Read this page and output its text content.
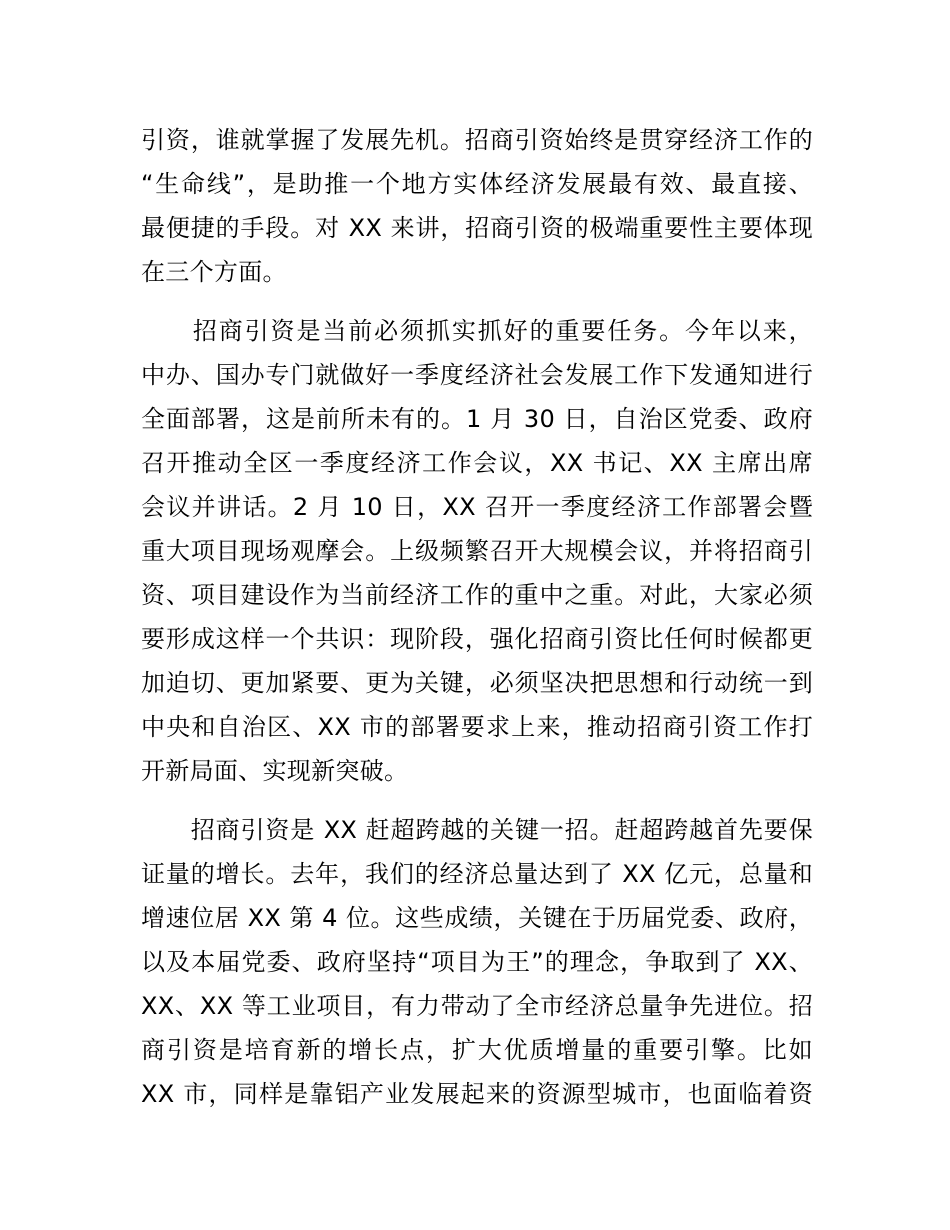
引资，谁就掌握了发展先机。招商引资始终是贯穿经济工作的
“生命线”，是助推一个地方实体经济发展最有效、最直接、
最便捷的手段。对 XX 来讲，招商引资的极端重要性主要体现
在三个方面。
　　招商引资是当前必须抓实抓好的重要任务。今年以来，
中办、国办专门就做好一季度经济社会发展工作下发通知进行
全面部署，这是前所未有的。1 月 30 日，自治区党委、政府
召开推动全区一季度经济工作会议，XX 书记、XX 主席出席
会议并讲话。2 月 10 日，XX 召开一季度经济工作部署会暨
重大项目现场观摩会。上级频繁召开大规模会议，并将招商引
资、项目建设作为当前经济工作的重中之重。对此，大家必须
要形成这样一个共识：现阶段，强化招商引资比任何时候都更
加迫切、更加紧要、更为关键，必须坚决把思想和行动统一到
中央和自治区、XX 市的部署要求上来，推动招商引资工作打
开新局面、实现新突破。
　　招商引资是 XX 赶超跨越的关键一招。赶超跨越首先要保
证量的增长。去年，我们的经济总量达到了 XX 亿元，总量和
增速位居 XX 第 4 位。这些成绩，关键在于历届党委、政府，
以及本届党委、政府坚持“项目为王”的理念，争取到了 XX、
XX、XX 等工业项目，有力带动了全市经济总量争先进位。招
商引资是培育新的增长点，扩大优质增量的重要引擎。比如
XX 市，同样是靠铝产业发展起来的资源型城市，也面临着资
